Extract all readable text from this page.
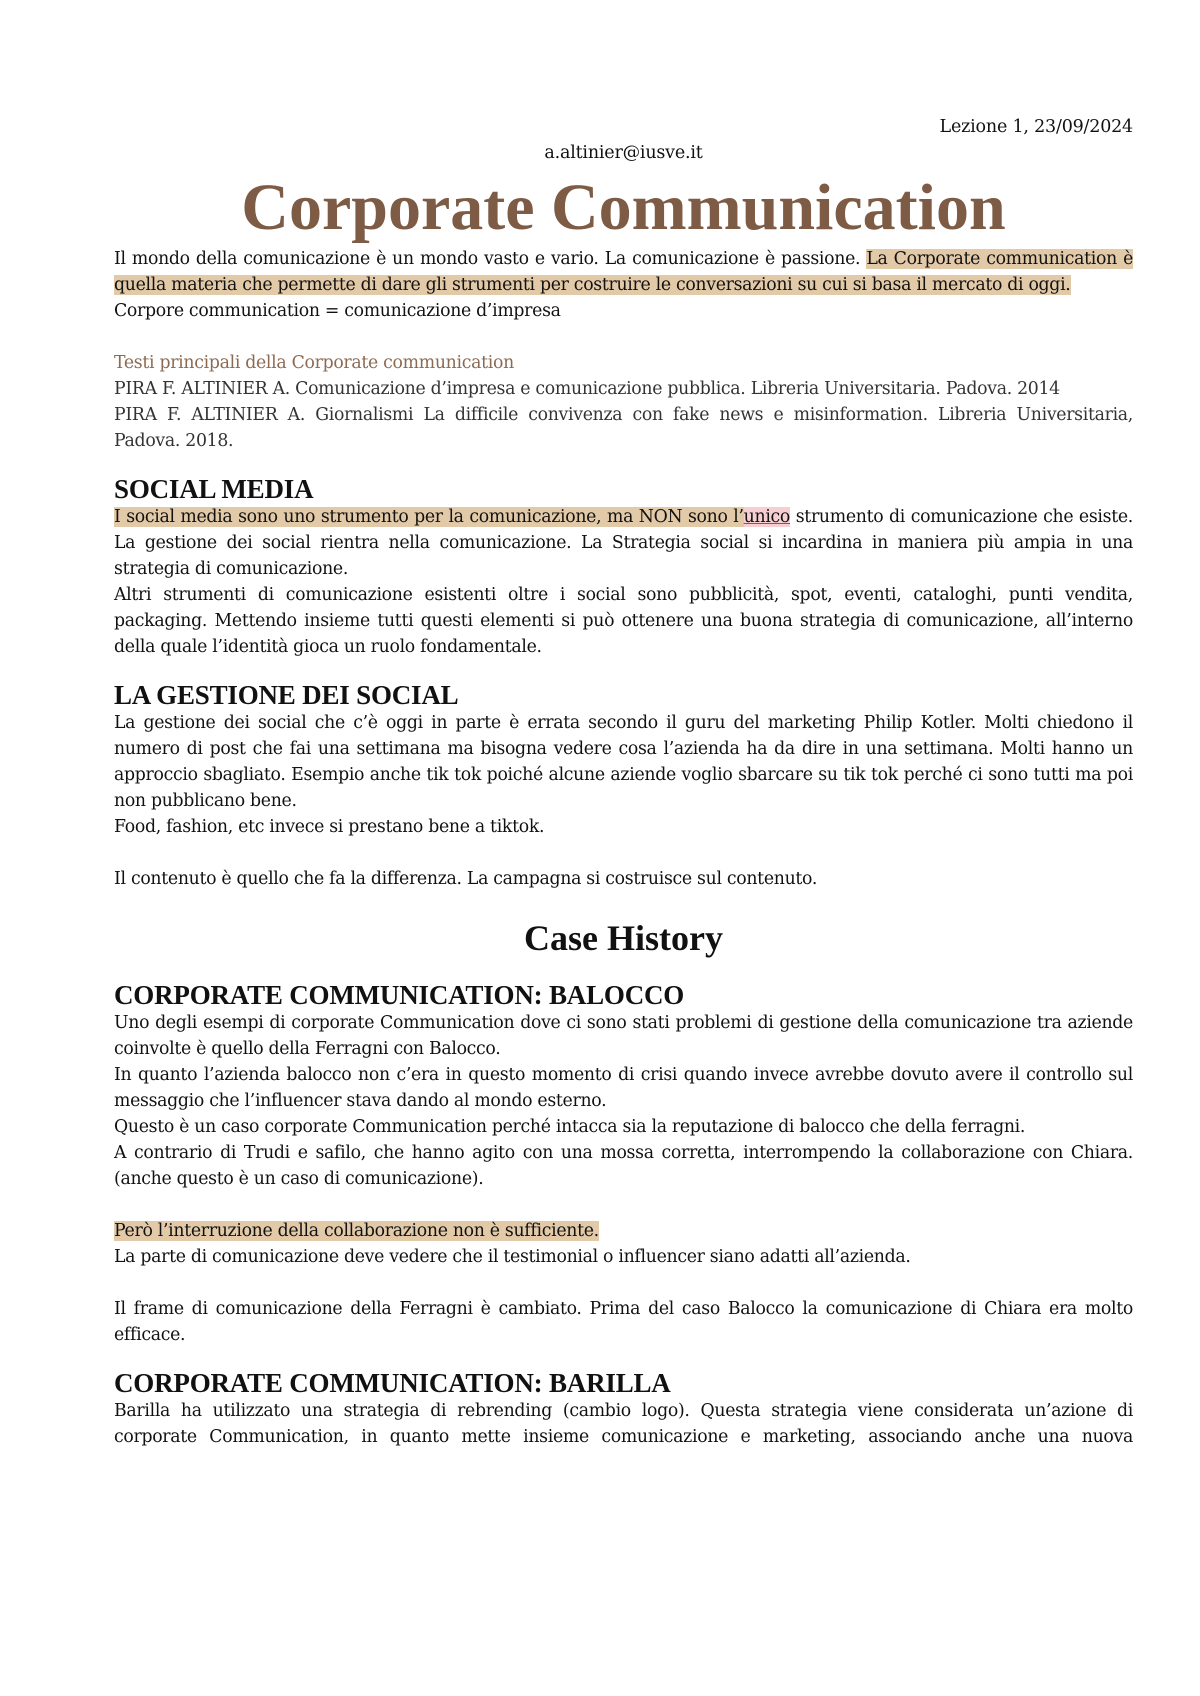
Lezione 1, 23/09/2024
a.altinier@iusve.it
Corporate Communication

Il mondo della comunicazione è un mondo vasto e vario. La comunicazione è passione. La Corporate communication è quella materia che permette di dare gli strumenti per costruire le conversazioni su cui si basa il mercato di oggi.

Corpore communication = comunicazione d’impresa

Testi principali della Corporate communication

PIRA F. ALTINIER A. Comunicazione d’impresa e comunicazione pubblica. Libreria Universitaria. Padova. 2014

PIRA F. ALTINIER A. Giornalismi La difficile convivenza con fake news e misinformation. Libreria Universitaria, Padova. 2018.

SOCIAL MEDIA

I social media sono uno strumento per la comunicazione, ma NON sono l’unico strumento di comunicazione che esiste. La gestione dei social rientra nella comunicazione. La Strategia social si incardina in maniera più ampia in una strategia di comunicazione.

Altri strumenti di comunicazione esistenti oltre i social sono pubblicità, spot, eventi, cataloghi, punti vendita, packaging. Mettendo insieme tutti questi elementi si può ottenere una buona strategia di comunicazione, all’interno della quale l’identità gioca un ruolo fondamentale.

LA GESTIONE DEI SOCIAL

La gestione dei social che c’è oggi in parte è errata secondo il guru del marketing Philip Kotler. Molti chiedono il numero di post che fai una settimana ma bisogna vedere cosa l’azienda ha da dire in una settimana. Molti hanno un approccio sbagliato. Esempio anche tik tok poiché alcune aziende voglio sbarcare su tik tok perché ci sono tutti ma poi non pubblicano bene.

Food, fashion, etc invece si prestano bene a tiktok.

Il contenuto è quello che fa la differenza. La campagna si costruisce sul contenuto.

Case History
CORPORATE COMMUNICATION: BALOCCO

Uno degli esempi di corporate Communication dove ci sono stati problemi di gestione della comunicazione tra aziende coinvolte è quello della Ferragni con Balocco.

In quanto l’azienda balocco non c’era in questo momento di crisi quando invece avrebbe dovuto avere il controllo sul messaggio che l’influencer stava dando al mondo esterno.

Questo è un caso corporate Communication perché intacca sia la reputazione di balocco che della ferragni.

A contrario di Trudi e safilo, che hanno agito con una mossa corretta, interrompendo la collaborazione con Chiara. (anche questo è un caso di comunicazione).

Però l’interruzione della collaborazione non è sufficiente.

La parte di comunicazione deve vedere che il testimonial o influencer siano adatti all’azienda.

Il frame di comunicazione della Ferragni è cambiato. Prima del caso Balocco la comunicazione di Chiara era molto efficace.

CORPORATE COMMUNICATION: BARILLA

Barilla ha utilizzato una strategia di rebrending (cambio logo). Questa strategia viene considerata un’azione di corporate Communication, in quanto mette insieme comunicazione e marketing, associando anche una nuova
